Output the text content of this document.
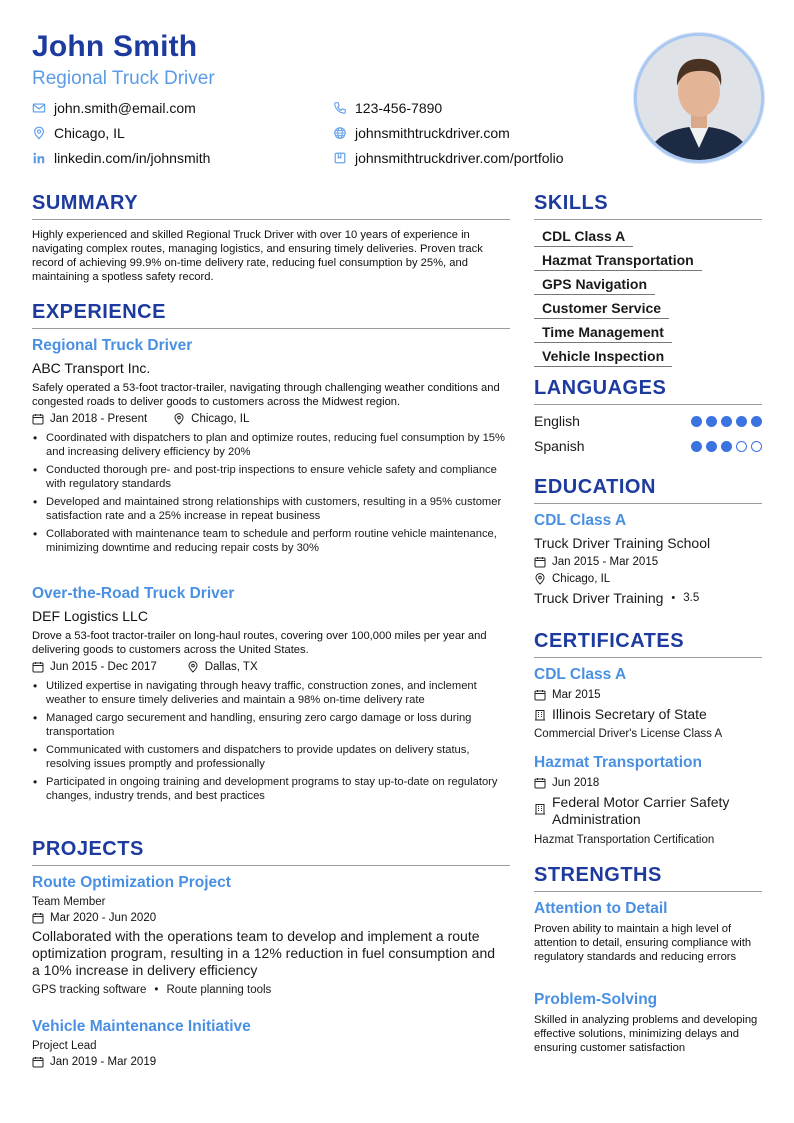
John Smith
Regional Truck Driver
john.smith@email.com	123-456-7890
Chicago, IL	johnsmithtruckdriver.com
linkedin.com/in/johnsmith	johnsmithtruckdriver.com/portfolio
SUMMARY
Highly experienced and skilled Regional Truck Driver with over 10 years of experience in navigating complex routes, managing logistics, and ensuring timely deliveries. Proven track record of achieving 99.9% on-time delivery rate, reducing fuel consumption by 25%, and maintaining a spotless safety record.
EXPERIENCE
Regional Truck Driver
ABC Transport Inc.
Safely operated a 53-foot tractor-trailer, navigating through challenging weather conditions and congested roads to deliver goods to customers across the Midwest region.
Jan 2018 - Present	Chicago, IL
• Coordinated with dispatchers to plan and optimize routes, reducing fuel consumption by 15% and increasing delivery efficiency by 20%
• Conducted thorough pre- and post-trip inspections to ensure vehicle safety and compliance with regulatory standards
• Developed and maintained strong relationships with customers, resulting in a 95% customer satisfaction rate and a 25% increase in repeat business
• Collaborated with maintenance team to schedule and perform routine vehicle maintenance, minimizing downtime and reducing repair costs by 30%
Over-the-Road Truck Driver
DEF Logistics LLC
Drove a 53-foot tractor-trailer on long-haul routes, covering over 100,000 miles per year and delivering goods to customers across the United States.
Jun 2015 - Dec 2017	Dallas, TX
• Utilized expertise in navigating through heavy traffic, construction zones, and inclement weather to ensure timely deliveries and maintain a 98% on-time delivery rate
• Managed cargo securement and handling, ensuring zero cargo damage or loss during transportation
• Communicated with customers and dispatchers to provide updates on delivery status, resolving issues promptly and professionally
• Participated in ongoing training and development programs to stay up-to-date on regulatory changes, industry trends, and best practices
PROJECTS
Route Optimization Project
Team Member
Mar 2020 - Jun 2020
Collaborated with the operations team to develop and implement a route optimization program, resulting in a 12% reduction in fuel consumption and a 10% increase in delivery efficiency
GPS tracking software • Route planning tools
Vehicle Maintenance Initiative
Project Lead
Jan 2019 - Mar 2019
SKILLS
CDL Class A
Hazmat Transportation
GPS Navigation
Customer Service
Time Management
Vehicle Inspection
LANGUAGES
English
Spanish
EDUCATION
CDL Class A
Truck Driver Training School
Jan 2015 - Mar 2015
Chicago, IL
Truck Driver Training • 3.5
CERTIFICATES
CDL Class A
Mar 2015
Illinois Secretary of State
Commercial Driver's License Class A
Hazmat Transportation
Jun 2018
Federal Motor Carrier Safety Administration
Hazmat Transportation Certification
STRENGTHS
Attention to Detail
Proven ability to maintain a high level of attention to detail, ensuring compliance with regulatory standards and reducing errors
Problem-Solving
Skilled in analyzing problems and developing effective solutions, minimizing delays and ensuring customer satisfaction
